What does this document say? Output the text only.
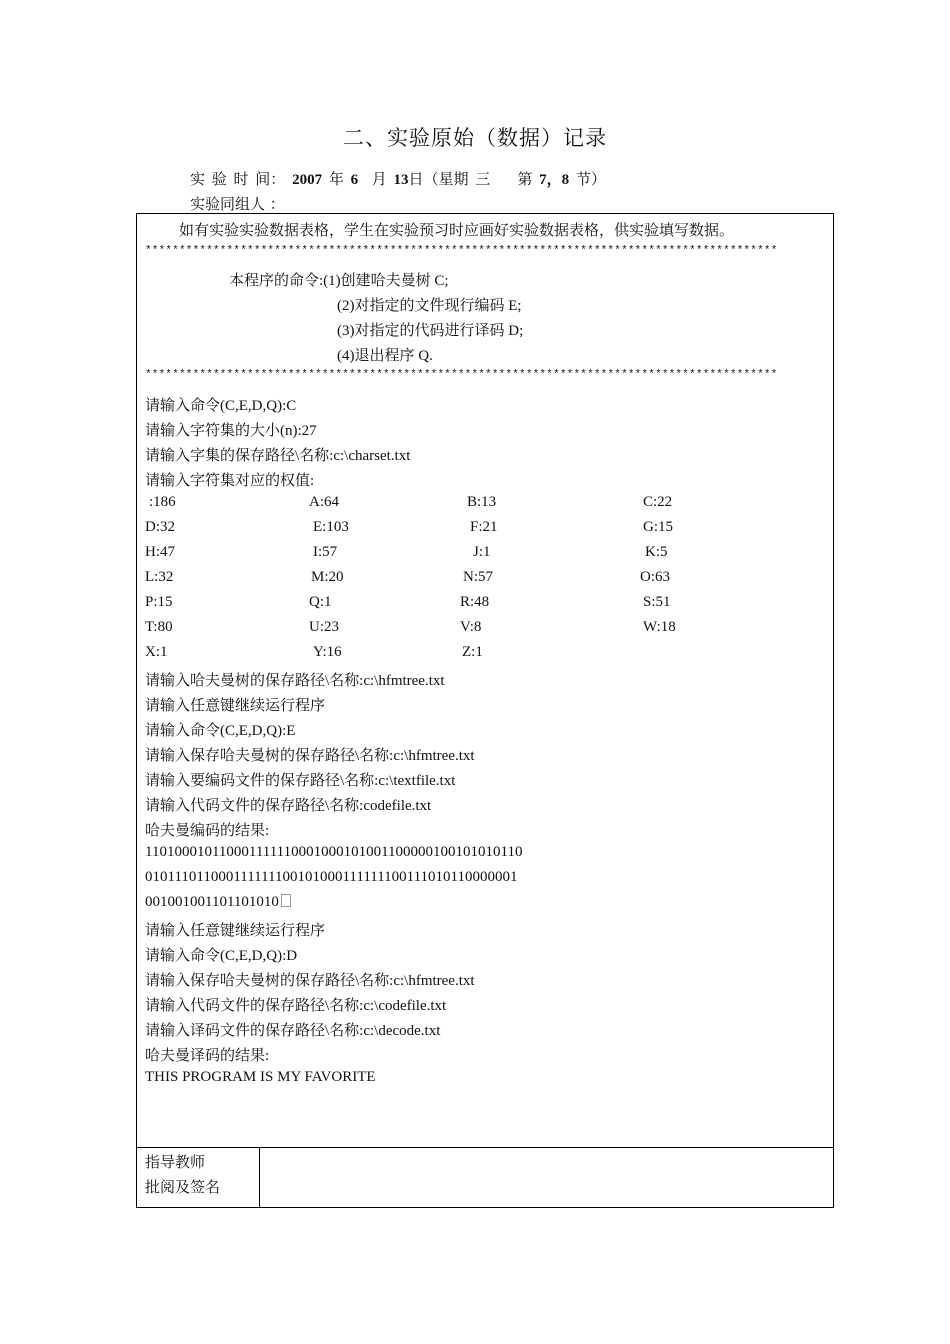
二、实验原始（数据）记录
实 验 时 间： 2007 年 6 月 13日（星期 三 第 7，8 节）
实验同组人 ：
如有实验实验数据表格，学生在实验预习时应画好实验数据表格，供实验填写数据。
*********************************************************************************************
本程序的命令:(1)创建哈夫曼树 C;
(2)对指定的文件现行编码 E;
(3)对指定的代码进行译码 D;
(4)退出程序 Q.
*********************************************************************************************
请输入命令(C,E,D,Q):C
请输入字符集的大小(n):27
请输入字集的保存路径\名称:c:\charset.txt
请输入字符集对应的权值:
:186	A:64	B:13	C:22
D:32	E:103	F:21	G:15
H:47	I:57	J:1	K:5
L:32	M:20	N:57	O:63
P:15	Q:1	R:48	S:51
T:80	U:23	V:8	W:18
X:1	Y:16	Z:1
请输入哈夫曼树的保存路径\名称:c:\hfmtree.txt
请输入任意键继续运行程序
请输入命令(C,E,D,Q):E
请输入保存哈夫曼树的保存路径\名称:c:\hfmtree.txt
请输入要编码文件的保存路径\名称:c:\textfile.txt
请输入代码文件的保存路径\名称:codefile.txt
哈夫曼编码的结果:
110100010110001111110001000101001100000100101010110
010111011000111111100101000111111100111010110000001
001001001101101010
请输入任意键继续运行程序
请输入命令(C,E,D,Q):D
请输入保存哈夫曼树的保存路径\名称:c:\hfmtree.txt
请输入代码文件的保存路径\名称:c:\codefile.txt
请输入译码文件的保存路径\名称:c:\decode.txt
哈夫曼译码的结果:
THIS PROGRAM IS MY FAVORITE
指导教师
批阅及签名
